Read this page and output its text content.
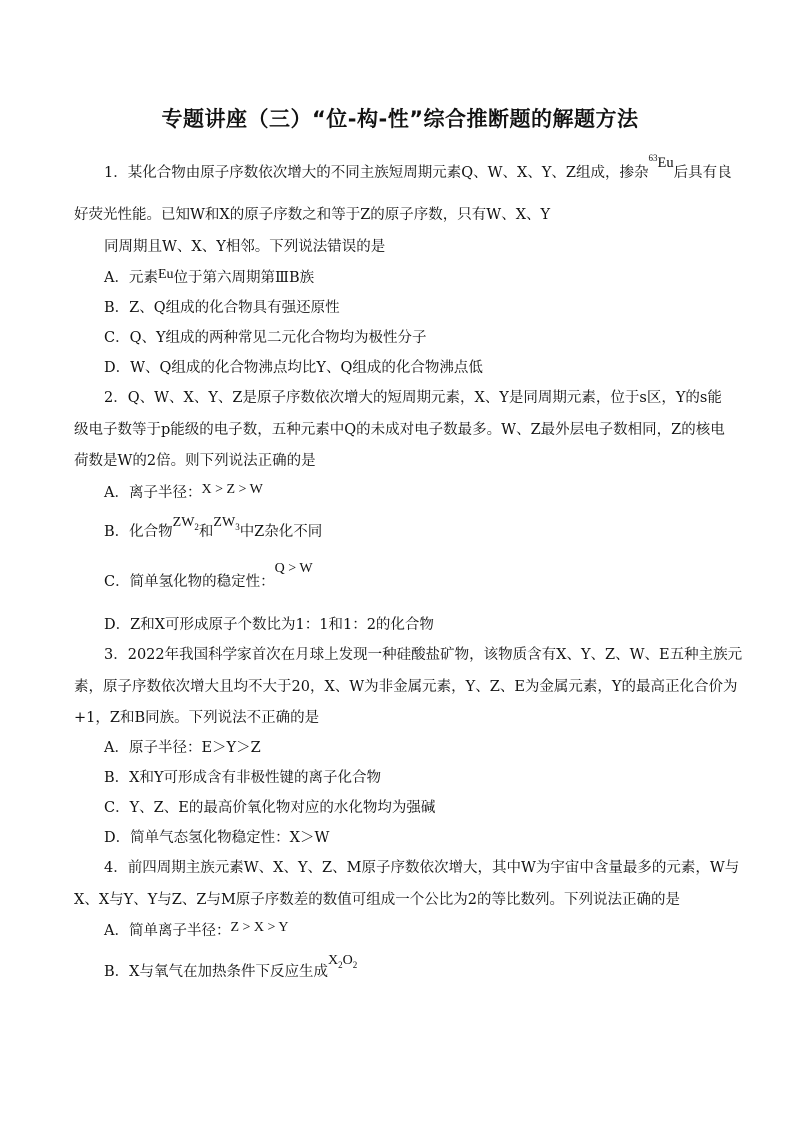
专题讲座（三）“位-构-性”综合推断题的解题方法
1．某化合物由原子序数依次增大的不同主族短周期元素Q、W、X、Y、Z组成，掺杂$^{63}$Eu后具有良
好荧光性能。已知W和X的原子序数之和等于Z的原子序数，只有W、X、Y
同周期且W、X、Y相邻。下列说法错误的是
A．元素Eu位于第六周期第ⅢB族
B．Z、Q组成的化合物具有强还原性
C．Q、Y组成的两种常见二元化合物均为极性分子
D．W、Q组成的化合物沸点均比Y、Q组成的化合物沸点低
2．Q、W、X、Y、Z是原子序数依次增大的短周期元素，X、Y是同周期元素，位于s区，Y的s能
级电子数等于p能级的电子数，五种元素中Q的未成对电子数最多。W、Z最外层电子数相同，Z的核电
荷数是W的2倍。则下列说法正确的是
A．离子半径：X > Z > W
B．化合物$ZW_2$和$ZW_3$中Z杂化不同
C．简单氢化物的稳定性：Q > W
D．Z和X可形成原子个数比为1：1和1：2的化合物
3．2022年我国科学家首次在月球上发现一种硅酸盐矿物，该物质含有X、Y、Z、W、E五种主族元
素，原子序数依次增大且均不大于20，X、W为非金属元素，Y、Z、E为金属元素，Y的最高正化合价为
+1，Z和B同族。下列说法不正确的是
A．原子半径：E＞Y＞Z
B．X和Y可形成含有非极性键的离子化合物
C．Y、Z、E的最高价氧化物对应的水化物均为强碱
D．简单气态氢化物稳定性：X＞W
4．前四周期主族元素W、X、Y、Z、M原子序数依次增大，其中W为宇宙中含量最多的元素，W与
X、X与Y、Y与Z、Z与M原子序数差的数值可组成一个公比为2的等比数列。下列说法正确的是
A．简单离子半径：Z > X > Y
B．X与氧气在加热条件下反应生成$X_2O_2$
